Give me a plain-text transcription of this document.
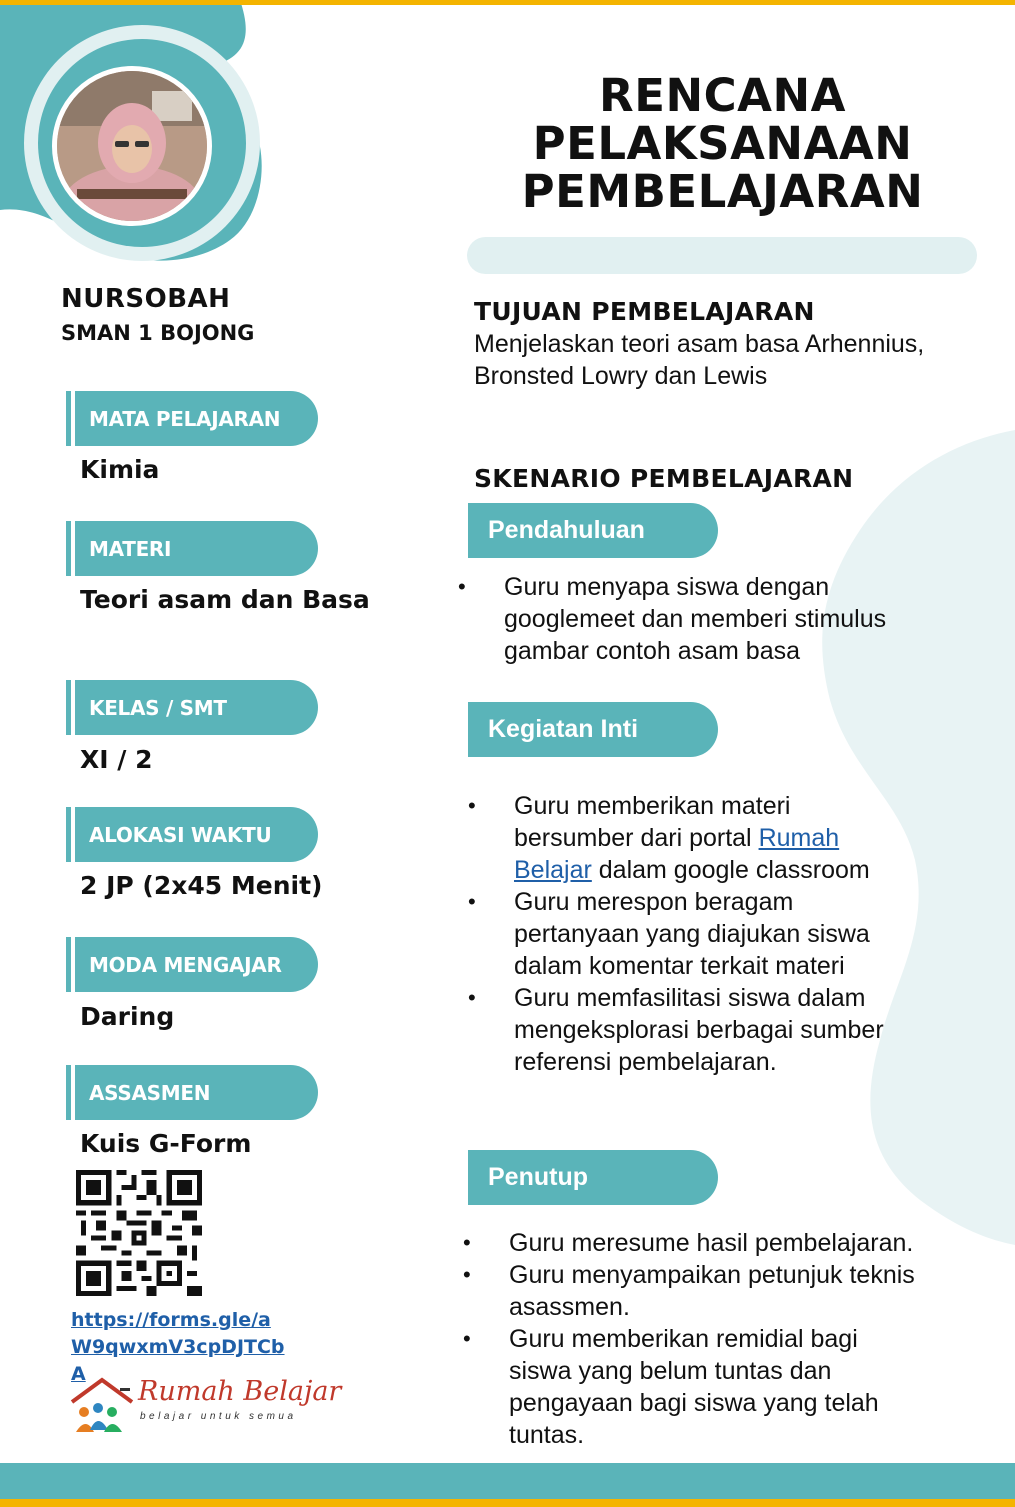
NURSOBAH
SMAN 1 BOJONG
MATA PELAJARAN
Kimia
MATERI
Teori asam dan Basa
KELAS / SMT
XI / 2
ALOKASI WAKTU
2 JP (2x45 Menit)
MODA MENGAJAR
Daring
ASSASMEN
Kuis G-Form
https://forms.gle/aW9qwxmV3cpDJTCbA
Rumah Belajar
belajar untuk semua
RENCANA
PELAKSANAAN
PEMBELAJARAN
TUJUAN PEMBELAJARAN
Menjelaskan teori asam basa Arhennius,
Bronsted Lowry dan Lewis
SKENARIO PEMBELAJARAN
Pendahuluan
• Guru menyapa siswa dengan
googlemeet dan memberi stimulus
gambar contoh asam basa
Kegiatan Inti
• Guru memberikan materi
bersumber dari portal Rumah
Belajar dalam google classroom
• Guru merespon beragam
pertanyaan yang diajukan siswa
dalam komentar terkait materi
• Guru memfasilitasi siswa dalam
mengeksplorasi berbagai sumber
referensi pembelajaran.
Penutup
• Guru meresume hasil pembelajaran.
• Guru menyampaikan petunjuk teknis
asassmen.
• Guru memberikan remidial bagi
siswa yang belum tuntas dan
pengayaan bagi siswa yang telah
tuntas.
